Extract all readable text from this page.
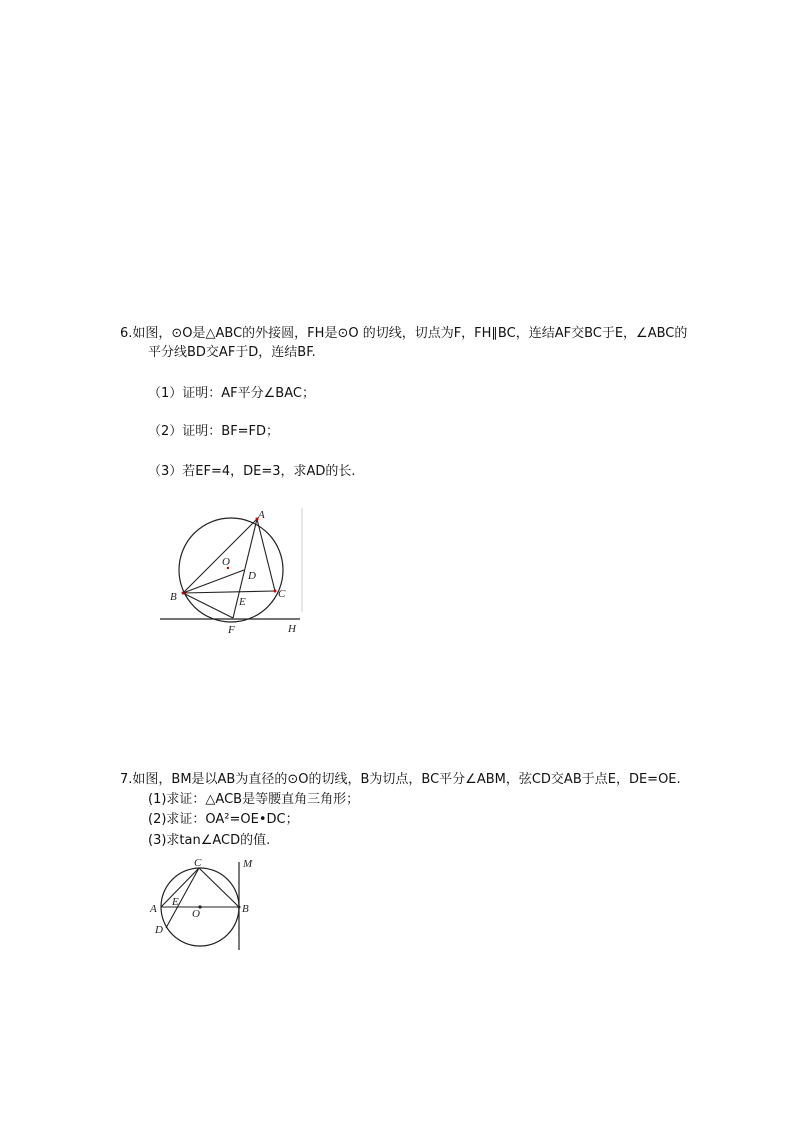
6.如图，⊙O是△ABC的外接圆，FH是⊙O 的切线，切点为F，FH∥BC，连结AF交BC于E，∠ABC的
平分线BD交AF于D，连结BF.
（1）证明：AF平分∠BAC；
（2）证明：BF=FD；
（3）若EF=4，DE=3，求AD的长.
A
O
D
B	C
E
F	H
7.如图，BM是以AB为直径的⊙O的切线，B为切点，BC平分∠ABM，弦CD交AB于点E，DE=OE.
(1)求证：△ACB是等腰直角三角形；
(2)求证：OA²=OE•DC；
(3)求tan∠ACD的值.
C	M
A
E
O	B
D
